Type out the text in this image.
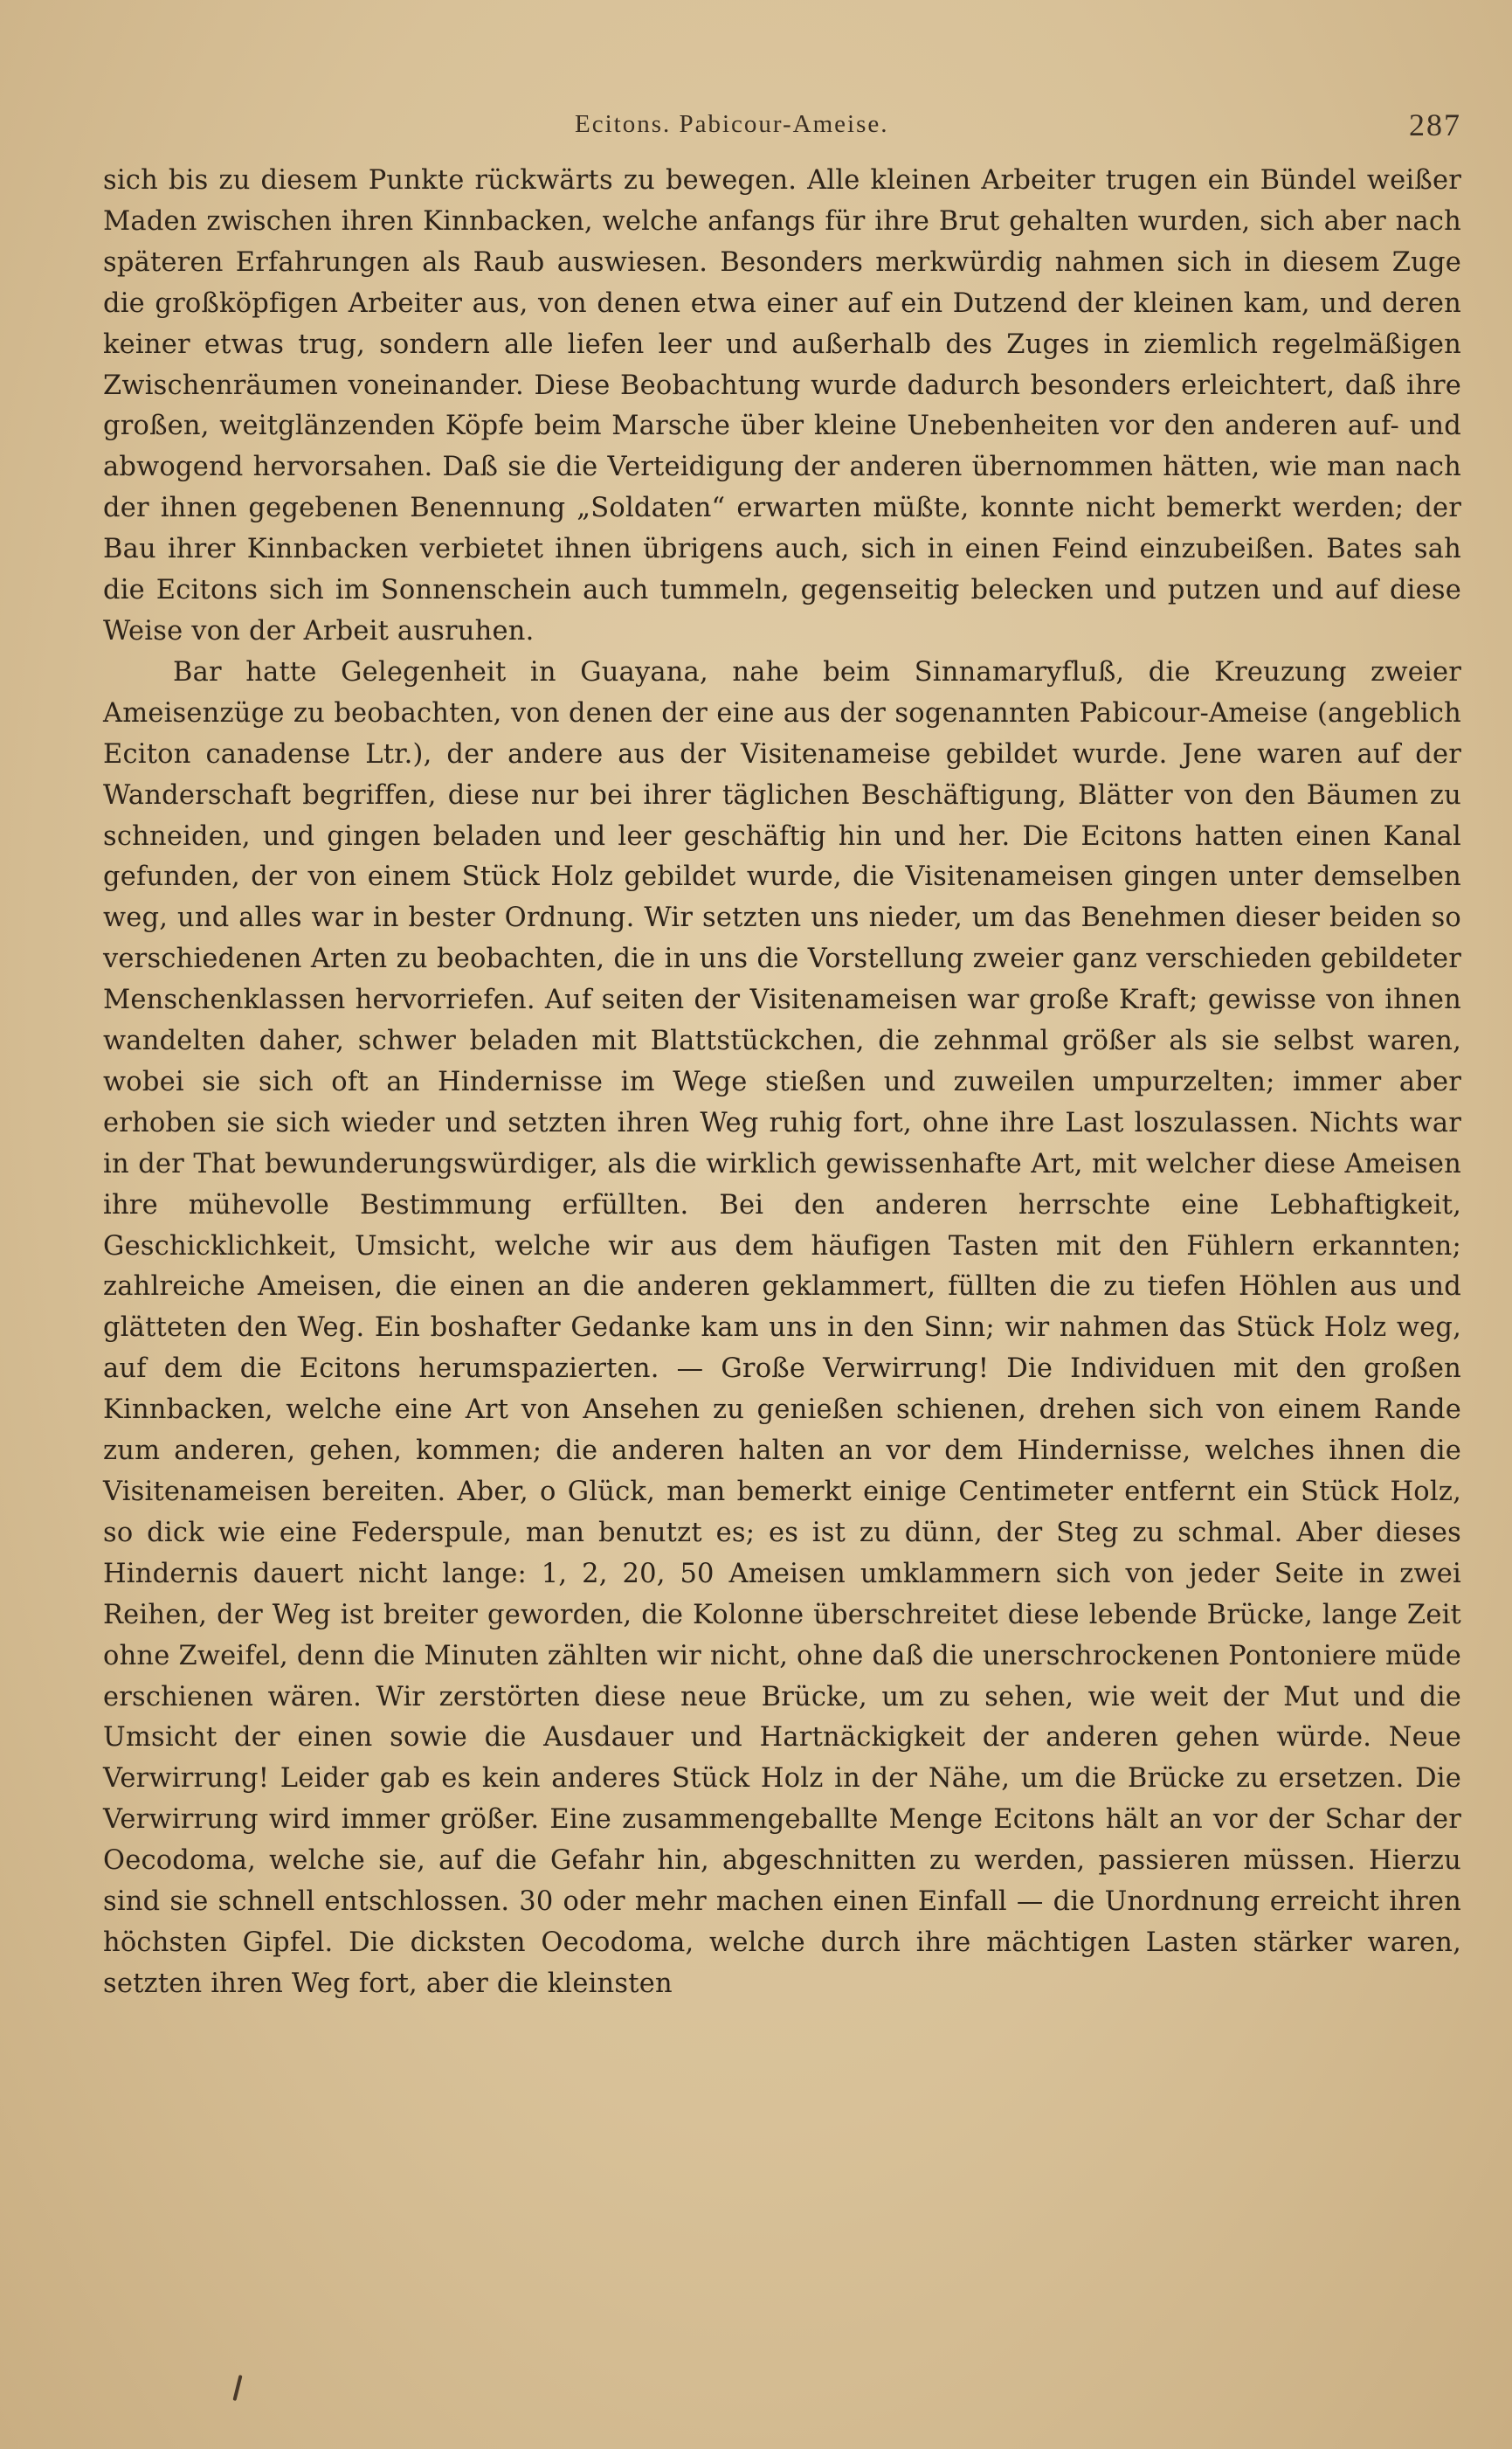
Ecitons. Pabicour-Ameise.	287

sich bis zu diesem Punkte rückwärts zu bewegen. Alle kleinen Arbeiter trugen ein Bündel weißer Maden zwischen ihren Kinnbacken, welche anfangs für ihre Brut gehalten wurden, sich aber nach späteren Erfahrungen als Raub auswiesen. Besonders merkwürdig nahmen sich in diesem Zuge die großköpfigen Arbeiter aus, von denen etwa einer auf ein Dutzend der kleinen kam, und deren keiner etwas trug, sondern alle liefen leer und außerhalb des Zuges in ziemlich regelmäßigen Zwischenräumen voneinander. Diese Beobachtung wurde dadurch besonders erleichtert, daß ihre großen, weitglänzenden Köpfe beim Marsche über kleine Unebenheiten vor den anderen auf- und abwogend hervorsahen. Daß sie die Verteidigung der anderen übernommen hätten, wie man nach der ihnen gegebenen Benennung „Soldaten“ erwarten müßte, konnte nicht bemerkt werden; der Bau ihrer Kinnbacken verbietet ihnen übrigens auch, sich in einen Feind einzubeißen. Bates sah die Ecitons sich im Sonnenschein auch tummeln, gegenseitig belecken und putzen und auf diese Weise von der Arbeit ausruhen.

Bar hatte Gelegenheit in Guayana, nahe beim Sinnamaryfluß, die Kreuzung zweier Ameisenzüge zu beobachten, von denen der eine aus der sogenannten Pabicour-Ameise (angeblich Eciton canadense Ltr.), der andere aus der Visitenameise gebildet wurde. Jene waren auf der Wanderschaft begriffen, diese nur bei ihrer täglichen Beschäftigung, Blätter von den Bäumen zu schneiden, und gingen beladen und leer geschäftig hin und her. Die Ecitons hatten einen Kanal gefunden, der von einem Stück Holz gebildet wurde, die Visitenameisen gingen unter demselben weg, und alles war in bester Ordnung. Wir setzten uns nieder, um das Benehmen dieser beiden so verschiedenen Arten zu beobachten, die in uns die Vorstellung zweier ganz verschieden gebildeter Menschenklassen hervorriefen. Auf seiten der Visitenameisen war große Kraft; gewisse von ihnen wandelten daher, schwer beladen mit Blattstückchen, die zehnmal größer als sie selbst waren, wobei sie sich oft an Hindernisse im Wege stießen und zuweilen umpurzelten; immer aber erhoben sie sich wieder und setzten ihren Weg ruhig fort, ohne ihre Last loszulassen. Nichts war in der That bewunderungswürdiger, als die wirklich gewissenhafte Art, mit welcher diese Ameisen ihre mühevolle Bestimmung erfüllten. Bei den anderen herrschte eine Lebhaftigkeit, Geschicklichkeit, Umsicht, welche wir aus dem häufigen Tasten mit den Fühlern erkannten; zahlreiche Ameisen, die einen an die anderen geklammert, füllten die zu tiefen Höhlen aus und glätteten den Weg. Ein boshafter Gedanke kam uns in den Sinn; wir nahmen das Stück Holz weg, auf dem die Ecitons herumspazierten. — Große Verwirrung! Die Individuen mit den großen Kinnbacken, welche eine Art von Ansehen zu genießen schienen, drehen sich von einem Rande zum anderen, gehen, kommen; die anderen halten an vor dem Hindernisse, welches ihnen die Visitenameisen bereiten. Aber, o Glück, man bemerkt einige Centimeter entfernt ein Stück Holz, so dick wie eine Federspule, man benutzt es; es ist zu dünn, der Steg zu schmal. Aber dieses Hindernis dauert nicht lange: 1, 2, 20, 50 Ameisen umklammern sich von jeder Seite in zwei Reihen, der Weg ist breiter geworden, die Kolonne überschreitet diese lebende Brücke, lange Zeit ohne Zweifel, denn die Minuten zählten wir nicht, ohne daß die unerschrockenen Pontoniere müde erschienen wären. Wir zerstörten diese neue Brücke, um zu sehen, wie weit der Mut und die Umsicht der einen sowie die Ausdauer und Hartnäckigkeit der anderen gehen würde. Neue Verwirrung! Leider gab es kein anderes Stück Holz in der Nähe, um die Brücke zu ersetzen. Die Verwirrung wird immer größer. Eine zusammengeballte Menge Ecitons hält an vor der Schar der Oecodoma, welche sie, auf die Gefahr hin, abgeschnitten zu werden, passieren müssen. Hierzu sind sie schnell entschlossen. 30 oder mehr machen einen Einfall — die Unordnung erreicht ihren höchsten Gipfel. Die dicksten Oecodoma, welche durch ihre mächtigen Lasten stärker waren, setzten ihren Weg fort, aber die kleinsten
